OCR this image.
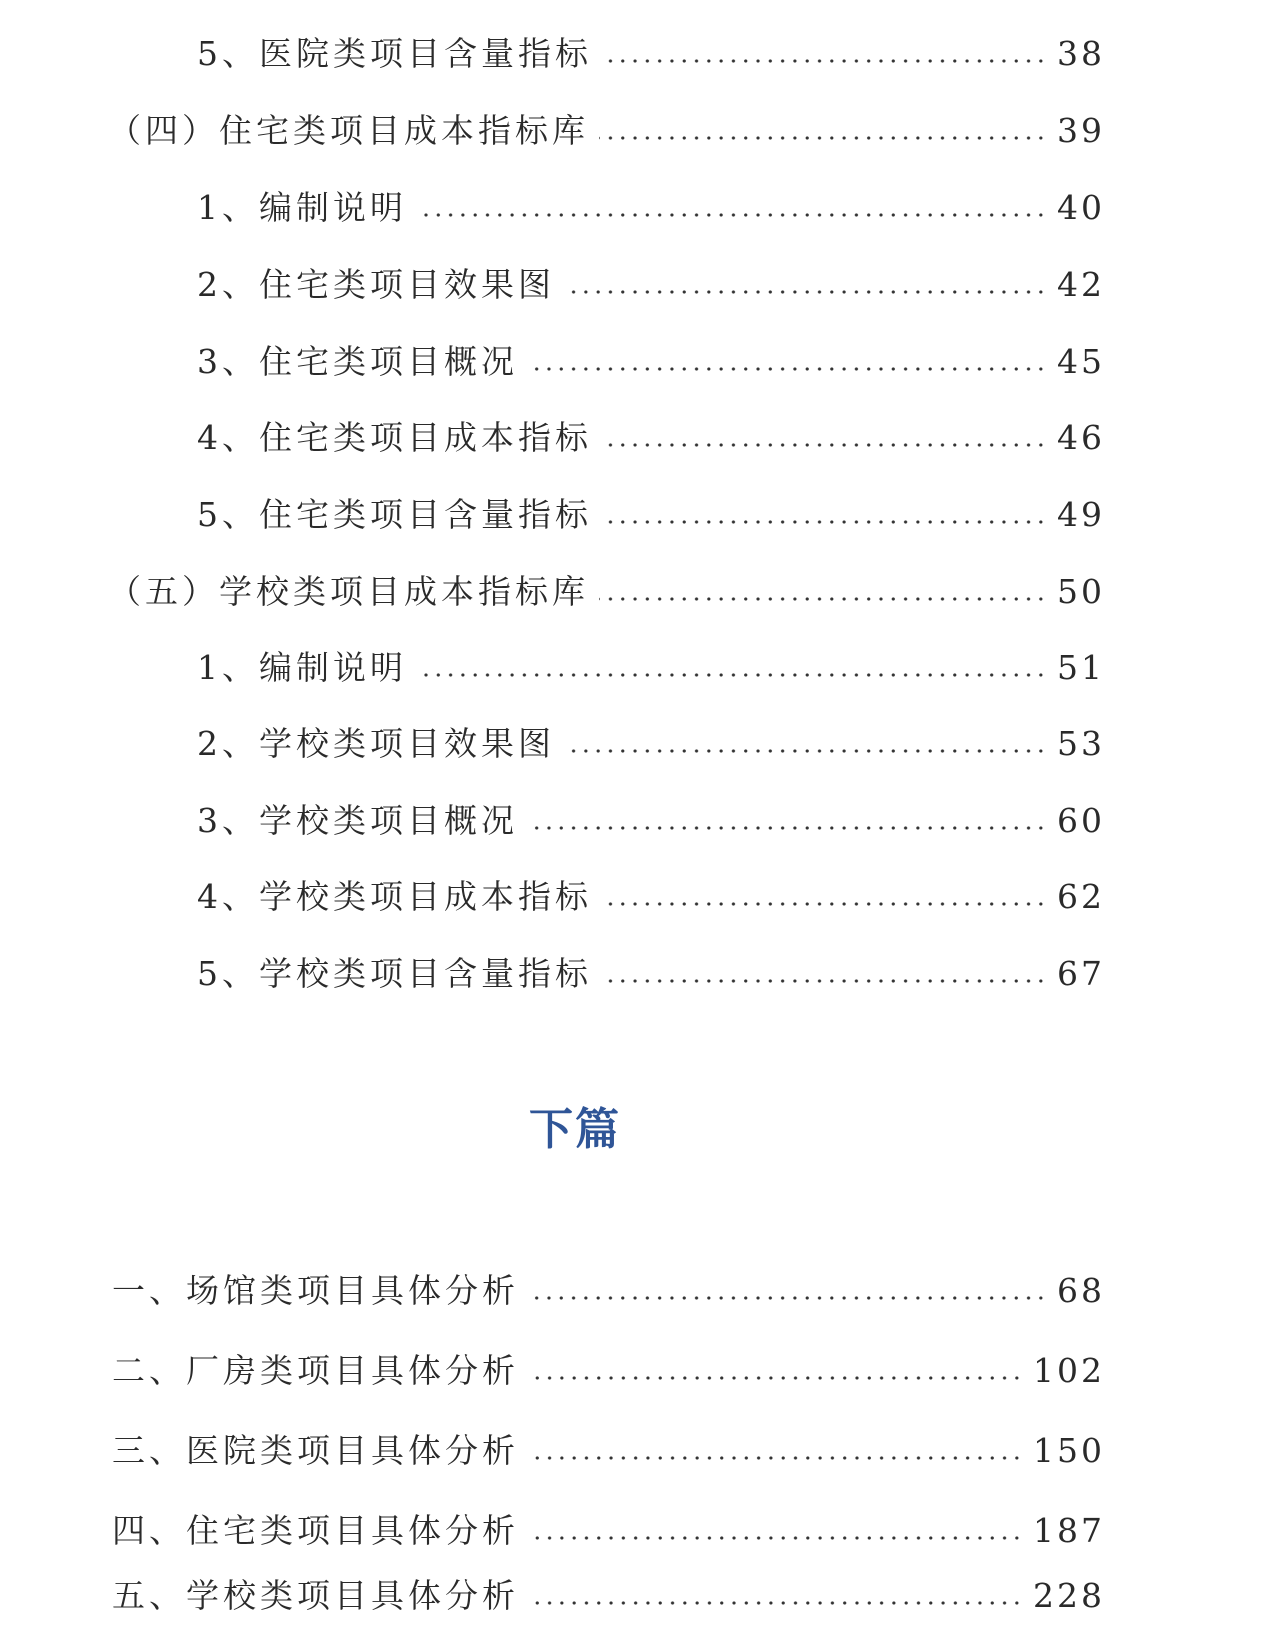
5、医院类项目含量指标	38
（四）住宅类项目成本指标库	39
1、编制说明	40
2、住宅类项目效果图	42
3、住宅类项目概况	45
4、住宅类项目成本指标	46
5、住宅类项目含量指标	49
（五）学校类项目成本指标库	50
1、编制说明	51
2、学校类项目效果图	53
3、学校类项目概况	60
4、学校类项目成本指标	62
5、学校类项目含量指标	67
下篇
一、场馆类项目具体分析	68
二、厂房类项目具体分析	102
三、医院类项目具体分析	150
四、住宅类项目具体分析	187
五、学校类项目具体分析	228
